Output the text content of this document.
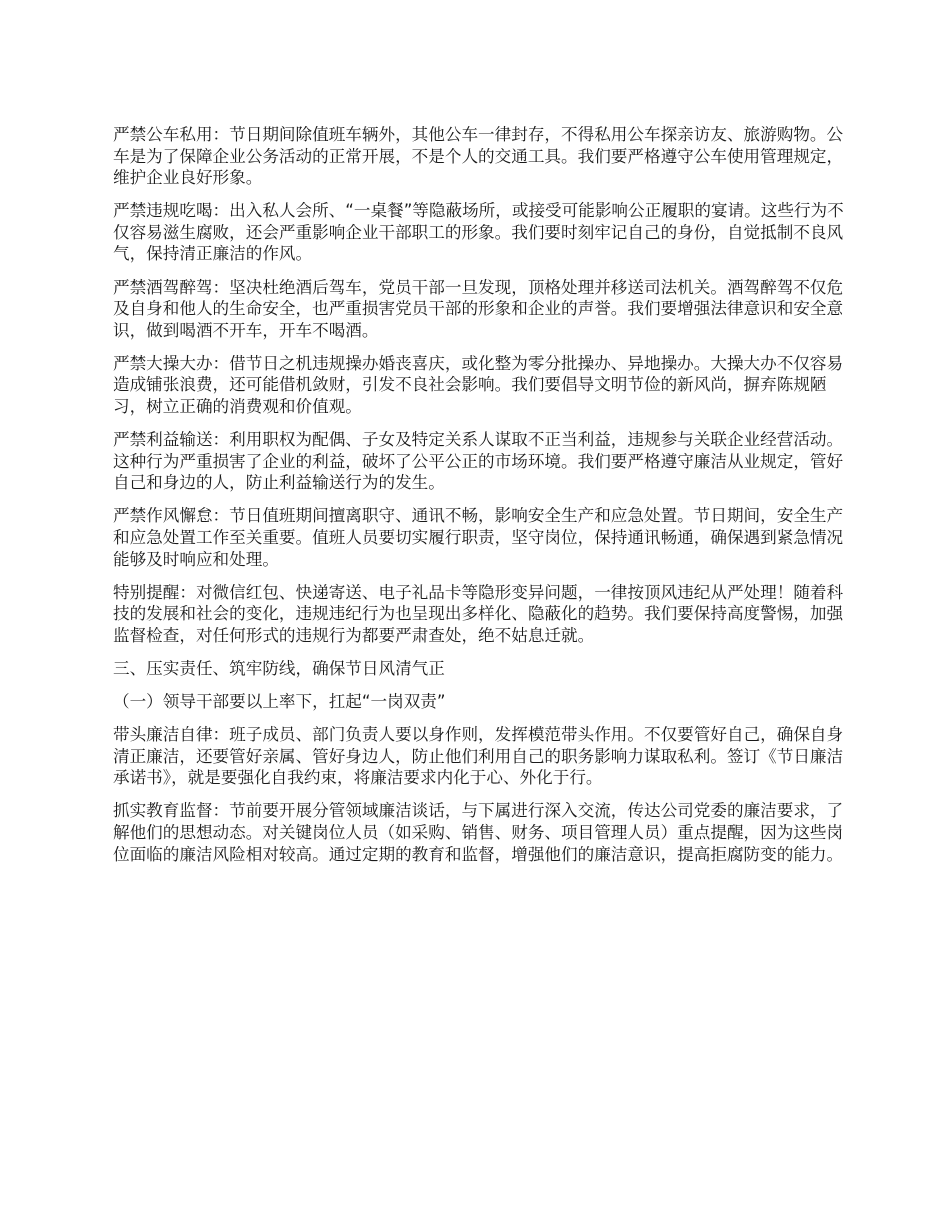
严禁公车私用：节日期间除值班车辆外，其他公车一律封存，不得私用公车探亲访友、旅游购物。公车是为了保障企业公务活动的正常开展，不是个人的交通工具。我们要严格遵守公车使用管理规定，维护企业良好形象。

严禁违规吃喝：出入私人会所、“一桌餐”等隐蔽场所，或接受可能影响公正履职的宴请。这些行为不仅容易滋生腐败，还会严重影响企业干部职工的形象。我们要时刻牢记自己的身份，自觉抵制不良风气，保持清正廉洁的作风。

严禁酒驾醉驾：坚决杜绝酒后驾车，党员干部一旦发现，顶格处理并移送司法机关。酒驾醉驾不仅危及自身和他人的生命安全，也严重损害党员干部的形象和企业的声誉。我们要增强法律意识和安全意识，做到喝酒不开车，开车不喝酒。

严禁大操大办：借节日之机违规操办婚丧喜庆，或化整为零分批操办、异地操办。大操大办不仅容易造成铺张浪费，还可能借机敛财，引发不良社会影响。我们要倡导文明节俭的新风尚，摒弃陈规陋习，树立正确的消费观和价值观。

严禁利益输送：利用职权为配偶、子女及特定关系人谋取不正当利益，违规参与关联企业经营活动。这种行为严重损害了企业的利益，破坏了公平公正的市场环境。我们要严格遵守廉洁从业规定，管好自己和身边的人，防止利益输送行为的发生。

严禁作风懈怠：节日值班期间擅离职守、通讯不畅，影响安全生产和应急处置。节日期间，安全生产和应急处置工作至关重要。值班人员要切实履行职责，坚守岗位，保持通讯畅通，确保遇到紧急情况能够及时响应和处理。

特别提醒：对微信红包、快递寄送、电子礼品卡等隐形变异问题，一律按顶风违纪从严处理！随着科技的发展和社会的变化，违规违纪行为也呈现出多样化、隐蔽化的趋势。我们要保持高度警惕，加强监督检查，对任何形式的违规行为都要严肃查处，绝不姑息迁就。

三、压实责任、筑牢防线，确保节日风清气正

（一）领导干部要以上率下，扛起“一岗双责”

带头廉洁自律：班子成员、部门负责人要以身作则，发挥模范带头作用。不仅要管好自己，确保自身清正廉洁，还要管好亲属、管好身边人，防止他们利用自己的职务影响力谋取私利。签订《节日廉洁承诺书》，就是要强化自我约束，将廉洁要求内化于心、外化于行。

抓实教育监督：节前要开展分管领域廉洁谈话，与下属进行深入交流，传达公司党委的廉洁要求，了解他们的思想动态。对关键岗位人员（如采购、销售、财务、项目管理人员）重点提醒，因为这些岗位面临的廉洁风险相对较高。通过定期的教育和监督，增强他们的廉洁意识，提高拒腐防变的能力。
